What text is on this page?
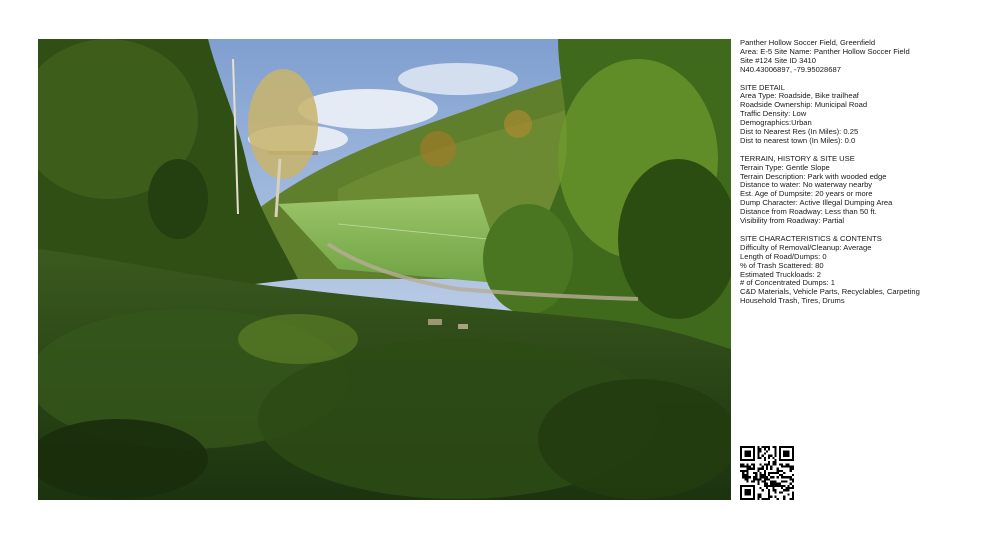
Panther Hollow Soccer Field, Greenfield
Area: E-5 Site Name: Panther Hollow Soccer Field
Site #124 Site ID 3410
N40.43006897, -79.95028687
SITE DETAIL
Area Type: Roadside, Bike trailheaf
Roadside Ownership: Municipal Road
Traffic Density: Low
Demographics:Urban
Dist to Nearest Res (In Miles): 0.25
Dist to nearest town (In Miles): 0.0
TERRAIN, HISTORY & SITE USE
Terrain Type: Gentle Slope
Terrain Description: Park with wooded edge
Distance to water: No waterway nearby
Est. Age of Dumpsite: 20 years or more
Dump Character: Active Illegal Dumping Area
Distance from Roadway: Less than 50 ft.
Visibility from Roadway: Partial
SITE CHARACTERISTICS & CONTENTS
Difficulty of Removal/Cleanup: Average
Length of Road/Dumps: 0
% of Trash Scattered: 80
Estimated Truckloads: 2
# of Concentrated Dumps: 1
C&D Materials, Vehicle Parts, Recyclables, Carpeting
Household Trash, Tires, Drums
